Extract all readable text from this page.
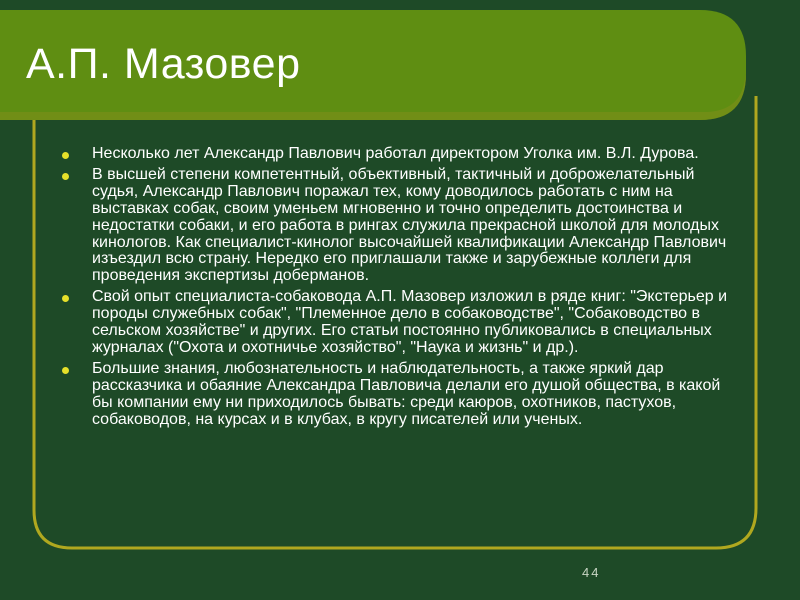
А.П. Мазовер
Несколько лет Александр Павлович работал директором Уголка им. В.Л. Дурова.
В высшей степени компетентный, объективный, тактичный и доброжелательный судья, Александр Павлович поражал тех, кому доводилось работать с ним на выставках собак, своим уменьем мгновенно и точно определить достоинства и недостатки собаки, и его работа в рингах служила прекрасной школой для молодых кинологов. Как специалист-кинолог высочайшей квалификации Александр Павлович изъездил всю страну. Нередко его приглашали также и зарубежные коллеги для проведения экспертизы доберманов.
Свой опыт специалиста-собаковода А.П. Мазовер изложил в ряде книг: "Экстерьер и породы служебных собак", "Племенное дело в собаководстве", "Собаководство в сельском хозяйстве" и других. Его статьи постоянно публиковались в специальных журналах ("Охота и охотничье хозяйство", "Наука и жизнь" и др.).
Большие знания, любознательность и наблюдательность, а также яркий дар рассказчика и обаяние Александра Павловича делали его душой общества, в какой бы компании ему ни приходилось бывать: среди каюров, охотников, пастухов, собаководов, на курсах и в клубах, в кругу писателей или ученых.
44
